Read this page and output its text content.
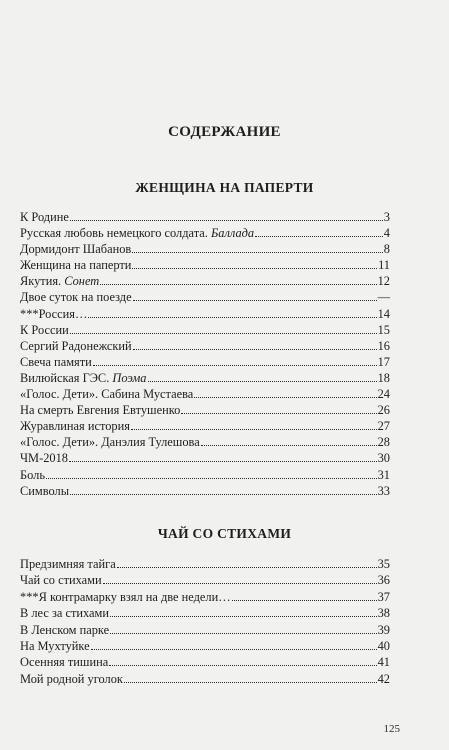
СОДЕРЖАНИЕ
ЖЕНЩИНА НА ПАПЕРТИ
К Родине	3
Русская любовь немецкого солдата. Баллада	4
Дормидонт Шабанов	8
Женщина на паперти	11
Якутия. Сонет	12
Двое суток на поезде	—
***Россия…	14
К России	15
Сергий Радонежский	16
Свеча памяти	17
Вилюйская ГЭС. Поэма	18
«Голос. Дети». Сабина Мустаева	24
На смерть Евгения Евтушенко	26
Журавлиная история	27
«Голос. Дети». Данэлия Тулешова	28
ЧМ-2018	30
Боль	31
Символы	33
ЧАЙ СО СТИХАМИ
Предзимняя тайга	35
Чай со стихами	36
***Я контрамарку взял на две недели…	37
В лес за стихами	38
В Ленском парке	39
На Мухтуйке	40
Осенняя тишина	41
Мой родной уголок	42
125
